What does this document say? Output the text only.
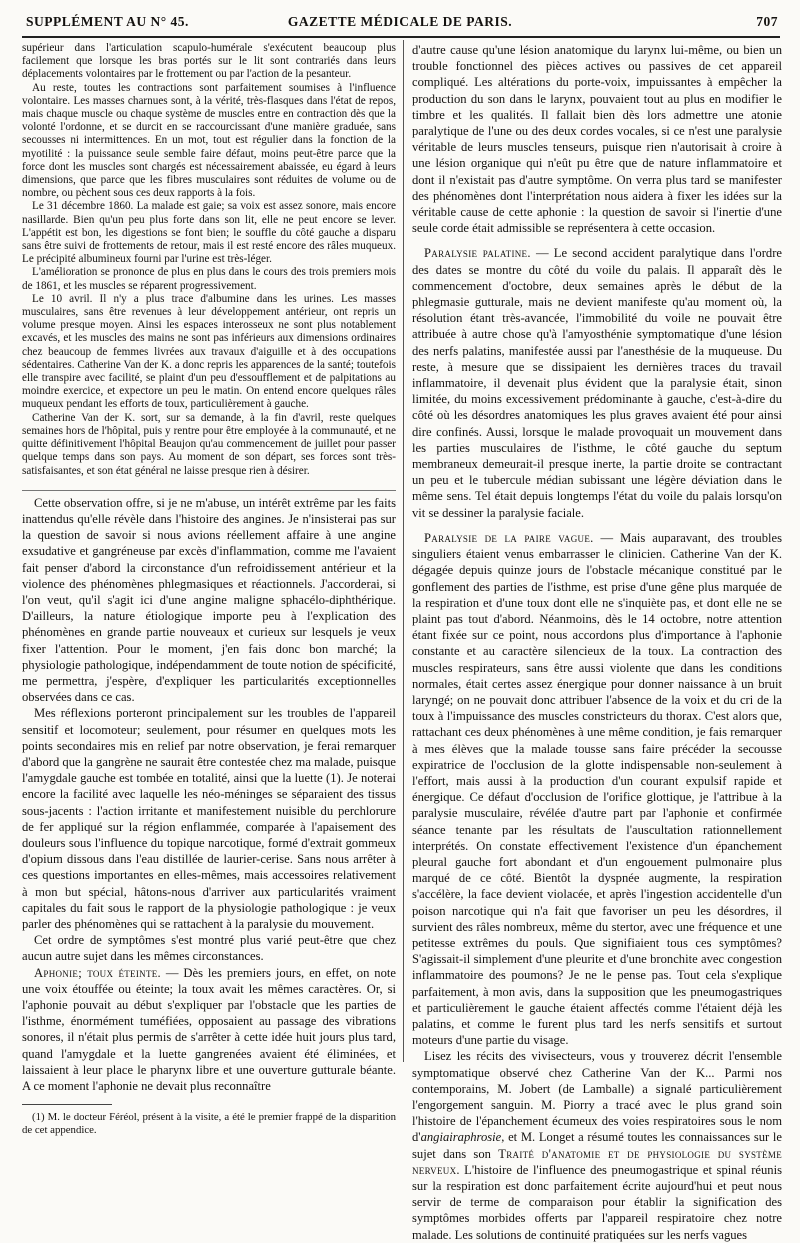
SUPPLÉMENT AU N° 45.	GAZETTE MÉDICALE DE PARIS.	707

supérieur dans l'articulation scapulo-humérale s'exécutent beaucoup plus facilement que lorsque les bras portés sur le lit sont contrariés dans leurs déplacements volontaires par le frottement ou par l'action de la pesanteur.

Au reste, toutes les contractions sont parfaitement soumises à l'influence volontaire. Les masses charnues sont, à la vérité, très-flasques dans l'état de repos, mais chaque muscle ou chaque système de muscles entre en contraction dès que la volonté l'ordonne, et se durcit en se raccourcissant d'une manière graduée, sans secousses ni intermittences. En un mot, tout est régulier dans la fonction de la myotilité : la puissance seule semble faire défaut, moins peut-être parce que la force dont les muscles sont chargés est nécessairement abaissée, eu égard à leurs dimensions, que parce que les fibres musculaires sont réduites de volume ou de nombre, ou pèchent sous ces deux rapports à la fois.

Le 31 décembre 1860. La malade est gaie; sa voix est assez sonore, mais encore nasillarde. Bien qu'un peu plus forte dans son lit, elle ne peut encore se lever. L'appétit est bon, les digestions se font bien; le souffle du côté gauche a disparu sans être suivi de frottements de retour, mais il est resté encore des râles muqueux. Le précipité albumineux fourni par l'urine est très-léger.

L'amélioration se prononce de plus en plus dans le cours des trois premiers mois de 1861, et les muscles se réparent progressivement.

Le 10 avril. Il n'y a plus trace d'albumine dans les urines. Les masses musculaires, sans être revenues à leur développement antérieur, ont repris un volume presque moyen. Ainsi les espaces interosseux ne sont plus notablement excavés, et les muscles des mains ne sont pas inférieurs aux dimensions ordinaires chez beaucoup de femmes livrées aux travaux d'aiguille et à des occupations sédentaires. Catherine Van der K. a donc repris les apparences de la santé; toutefois elle transpire avec facilité, se plaint d'un peu d'essoufflement et de palpitations au moindre exercice, et expectore un peu le matin. On entend encore quelques râles muqueux pendant les efforts de toux, particulièrement à gauche.

Catherine Van der K. sort, sur sa demande, à la fin d'avril, reste quelques semaines hors de l'hôpital, puis y rentre pour être employée à la communauté, et ne quitte définitivement l'hôpital Beaujon qu'au commencement de juillet pour passer quelque temps dans son pays. Au moment de son départ, ses forces sont très-satisfaisantes, et son état général ne laisse presque rien à désirer.

Cette observation offre, si je ne m'abuse, un intérêt extrême par les faits inattendus qu'elle révèle dans l'histoire des angines. Je n'insisterai pas sur la question de savoir si nous avions réellement affaire à une angine exsudative et gangréneuse par excès d'inflammation, comme me l'avaient fait penser d'abord la circonstance d'un refroidissement antérieur et la violence des phénomènes phlegmasiques et réactionnels. J'accorderai, si l'on veut, qu'il s'agit ici d'une angine maligne sphacélo-diphthérique. D'ailleurs, la nature étiologique importe peu à l'explication des phénomènes en grande partie nouveaux et curieux sur lesquels je veux fixer l'attention. Pour le moment, j'en fais donc bon marché; la physiologie pathologique, indépendamment de toute notion de spécificité, me permettra, j'espère, d'expliquer les particularités exceptionnelles observées dans ce cas.

Mes réflexions porteront principalement sur les troubles de l'appareil sensitif et locomoteur; seulement, pour résumer en quelques mots les points secondaires mis en relief par notre observation, je ferai remarquer d'abord que la gangrène ne saurait être contestée chez ma malade, puisque l'amygdale gauche est tombée en totalité, ainsi que la luette (1). Je noterai encore la facilité avec laquelle les néo-méninges se séparaient des tissus sous-jacents : l'action irritante et manifestement nuisible du perchlorure de fer appliqué sur la région enflammée, comparée à l'apaisement des douleurs sous l'influence du topique narcotique, formé d'extrait gommeux d'opium dissous dans l'eau distillée de laurier-cerise. Sans nous arrêter à ces questions importantes en elles-mêmes, mais accessoires relativement à mon but spécial, hâtons-nous d'arriver aux particularités vraiment capitales du fait sous le rapport de la physiologie pathologique : je veux parler des phénomènes qui se rattachent à la paralysie du mouvement.

Cet ordre de symptômes s'est montré plus varié peut-être que chez aucun autre sujet dans les mêmes circonstances.

Aphonie; toux éteinte. — Dès les premiers jours, en effet, on note une voix étouffée ou éteinte; la toux avait les mêmes caractères. Or, si l'aphonie pouvait au début s'expliquer par l'obstacle que les parties de l'isthme, énormément tuméfiées, opposaient au passage des vibrations sonores, il n'était plus permis de s'arrêter à cette idée huit jours plus tard, quand l'amygdale et la luette gangrenées avaient été éliminées, et laissaient à leur place le pharynx libre et une ouverture gutturale béante. A ce moment l'aphonie ne devait plus reconnaître

(1) M. le docteur Féréol, présent à la visite, a été le premier frappé de la disparition de cet appendice.

d'autre cause qu'une lésion anatomique du larynx lui-même, ou bien un trouble fonctionnel des pièces actives ou passives de cet appareil compliqué. Les altérations du porte-voix, impuissantes à empêcher la production du son dans le larynx, pouvaient tout au plus en modifier le timbre et les qualités. Il fallait bien dès lors admettre une atonie paralytique de l'une ou des deux cordes vocales, si ce n'est une paralysie véritable de leurs muscles tenseurs, puisque rien n'autorisait à croire à une lésion organique qui n'eût pu être que de nature inflammatoire et dont il n'existait pas d'autre symptôme. On verra plus tard se manifester des phénomènes dont l'interprétation nous aidera à fixer les idées sur la véritable cause de cette aphonie : la question de savoir si l'inertie d'une seule corde était admissible se représentera à cette occasion.

Paralysie palatine. — Le second accident paralytique dans l'ordre des dates se montre du côté du voile du palais. Il apparaît dès le commencement d'octobre, deux semaines après le début de la phlegmasie gutturale, mais ne devient manifeste qu'au moment où, la résolution étant très-avancée, l'immobilité du voile ne pouvait être attribuée à autre chose qu'à l'amyosthénie symptomatique d'une lésion des nerfs palatins, manifestée aussi par l'anesthésie de la muqueuse. Du reste, à mesure que se dissipaient les dernières traces du travail inflammatoire, il devenait plus évident que la paralysie était, sinon limitée, du moins excessivement prédominante à gauche, c'est-à-dire du côté où les désordres anatomiques les plus graves avaient été pour ainsi dire confinés. Aussi, lorsque le malade provoquait un mouvement dans les parties musculaires de l'isthme, le côté gauche du septum membraneux demeurait-il presque inerte, la partie droite se contractant un peu et le tubercule médian subissant une légère déviation dans le même sens. Tel était depuis longtemps l'état du voile du palais lorsqu'on vit se dessiner la paralysie faciale.

Paralysie de la paire vague. — Mais auparavant, des troubles singuliers étaient venus embarrasser le clinicien. Catherine Van der K. dégagée depuis quinze jours de l'obstacle mécanique constitué par le gonflement des parties de l'isthme, est prise d'une gêne plus marquée de la respiration et d'une toux dont elle ne s'inquiète pas, et dont elle ne se plaint pas tout d'abord. Néanmoins, dès le 14 octobre, notre attention étant fixée sur ce point, nous accordons plus d'importance à l'aphonie constante et au caractère silencieux de la toux. La contraction des muscles respirateurs, sans être aussi violente que dans les conditions normales, était certes assez énergique pour donner naissance à un bruit laryngé; on ne pouvait donc attribuer l'absence de la voix et du cri de la toux à l'impuissance des muscles constricteurs du thorax. C'est alors que, rattachant ces deux phénomènes à une même condition, je fais remarquer à mes élèves que la malade tousse sans faire précéder la secousse expiratrice de l'occlusion de la glotte indispensable non-seulement à l'effort, mais aussi à la production d'un courant expulsif rapide et énergique. Ce défaut d'occlusion de l'orifice glottique, je l'attribue à la paralysie musculaire, révélée d'autre part par l'aphonie et confirmée séance tenante par les résultats de l'auscultation rationnellement interprétés. On constate effectivement l'existence d'un épanchement pleural gauche fort abondant et d'un engouement pulmonaire plus marqué de ce côté. Bientôt la dyspnée augmente, la respiration s'accélère, la face devient violacée, et après l'ingestion accidentelle d'un poison narcotique qui n'a fait que favoriser un peu les désordres, il survient des râles nombreux, même du stertor, avec une fréquence et une petitesse extrêmes du pouls. Que signifiaient tous ces symptômes? S'agissait-il simplement d'une pleurite et d'une bronchite avec congestion inflammatoire des poumons? Je ne le pense pas. Tout cela s'explique parfaitement, à mon avis, dans la supposition que les pneumogastriques et particulièrement le gauche étaient affectés comme l'étaient déjà les palatins, et comme le furent plus tard les nerfs sensitifs et surtout moteurs d'une partie du visage.

Lisez les récits des vivisecteurs, vous y trouverez décrit l'ensemble symptomatique observé chez Catherine Van der K... Parmi nos contemporains, M. Jobert (de Lamballe) a signalé particulièrement l'engorgement sanguin. M. Piorry a tracé avec le plus grand soin l'histoire de l'épanchement écumeux des voies respiratoires sous le nom d'angiairaphrosie, et M. Longet a résumé toutes les connaissances sur le sujet dans son Traité d'anatomie et de physiologie du système nerveux. L'histoire de l'influence des pneumogastrique et spinal réunis sur la respiration est donc parfaitement écrite aujourd'hui et peut nous servir de terme de comparaison pour établir la signification des symptômes morbides offerts par l'appareil respiratoire chez notre malade. Les solutions de continuité pratiquées sur les nerfs vagues
